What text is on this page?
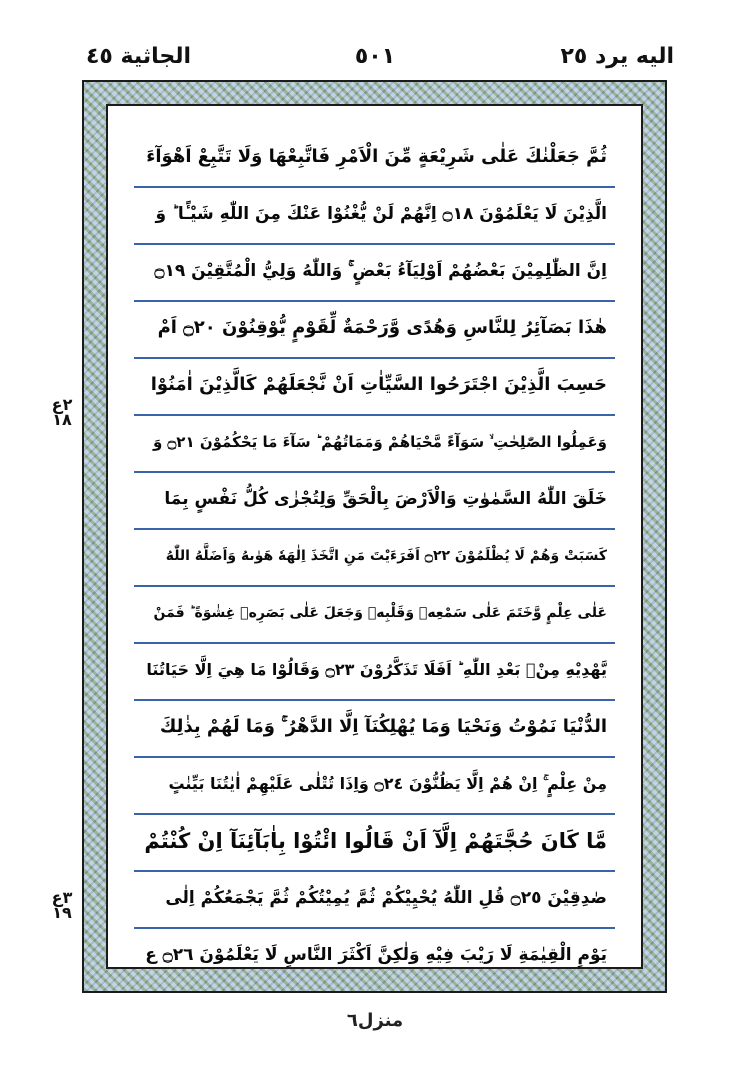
الجاثية ٤٥	٥٠١	اليه يرد ٢٥
ثُمَّ جَعَلْنٰكَ عَلٰى شَرِيْعَةٍ مِّنَ الْاَمْرِ فَاتَّبِعْهَا وَلَا تَتَّبِعْ اَهْوَآءَ
الَّذِيْنَ لَا يَعْلَمُوْنَ ۝١٨ اِنَّهُمْ لَنْ يُّغْنُوْا عَنْكَ مِنَ اللّٰهِ شَيْـًٔا ؕ وَ
اِنَّ الظّٰلِمِيْنَ بَعْضُهُمْ اَوْلِيَآءُ بَعْضٍ ۚ وَاللّٰهُ وَلِيُّ الْمُتَّقِيْنَ ۝١٩
هٰذَا بَصَآئِرُ لِلنَّاسِ وَهُدًى وَّرَحْمَةٌ لِّقَوْمٍ يُّوْقِنُوْنَ ۝٢٠ اَمْ
حَسِبَ الَّذِيْنَ اجْتَرَحُوا السَّيِّاٰتِ اَنْ نَّجْعَلَهُمْ كَالَّذِيْنَ اٰمَنُوْا
وَعَمِلُوا الصّٰلِحٰتِ ۙ سَوَآءً مَّحْيَاهُمْ وَمَمَاتُهُمْ ؕ سَآءَ مَا يَحْكُمُوْنَ ۝٢١ وَ
خَلَقَ اللّٰهُ السَّمٰوٰتِ وَالْاَرْضَ بِالْحَقِّ وَلِتُجْزٰى كُلُّ نَفْسٍ بِمَا
كَسَبَتْ وَهُمْ لَا يُظْلَمُوْنَ ۝٢٢ اَفَرَءَيْتَ مَنِ اتَّخَذَ اِلٰهَهٗ هَوٰىهُ وَاَضَلَّهُ اللّٰهُ
عَلٰى عِلْمٍ وَّخَتَمَ عَلٰى سَمْعِهٖ وَقَلْبِهٖ وَجَعَلَ عَلٰى بَصَرِهٖ غِشٰوَةً ؕ فَمَنْ
يَّهْدِيْهِ مِنْۢ بَعْدِ اللّٰهِ ؕ اَفَلَا تَذَكَّرُوْنَ ۝٢٣ وَقَالُوْا مَا هِيَ اِلَّا حَيَاتُنَا
الدُّنْيَا نَمُوْتُ وَنَحْيَا وَمَا يُهْلِكُنَآ اِلَّا الدَّهْرُ ۚ وَمَا لَهُمْ بِذٰلِكَ
مِنْ عِلْمٍ ۚ اِنْ هُمْ اِلَّا يَظُنُّوْنَ ۝٢٤ وَاِذَا تُتْلٰى عَلَيْهِمْ اٰيٰتُنَا بَيِّنٰتٍ
مَّا كَانَ حُجَّتَهُمْ اِلَّآ اَنْ قَالُوا ائْتُوْا بِاٰبَآئِنَآ اِنْ كُنْتُمْ
صٰدِقِيْنَ ۝٢٥ قُلِ اللّٰهُ يُحْيِيْكُمْ ثُمَّ يُمِيْتُكُمْ ثُمَّ يَجْمَعُكُمْ اِلٰى
يَوْمِ الْقِيٰمَةِ لَا رَيْبَ فِيْهِ وَلٰكِنَّ اَكْثَرَ النَّاسِ لَا يَعْلَمُوْنَ ۝٢٦ ع
٢ع ١٨
٣ع ١٩
منزل٦
